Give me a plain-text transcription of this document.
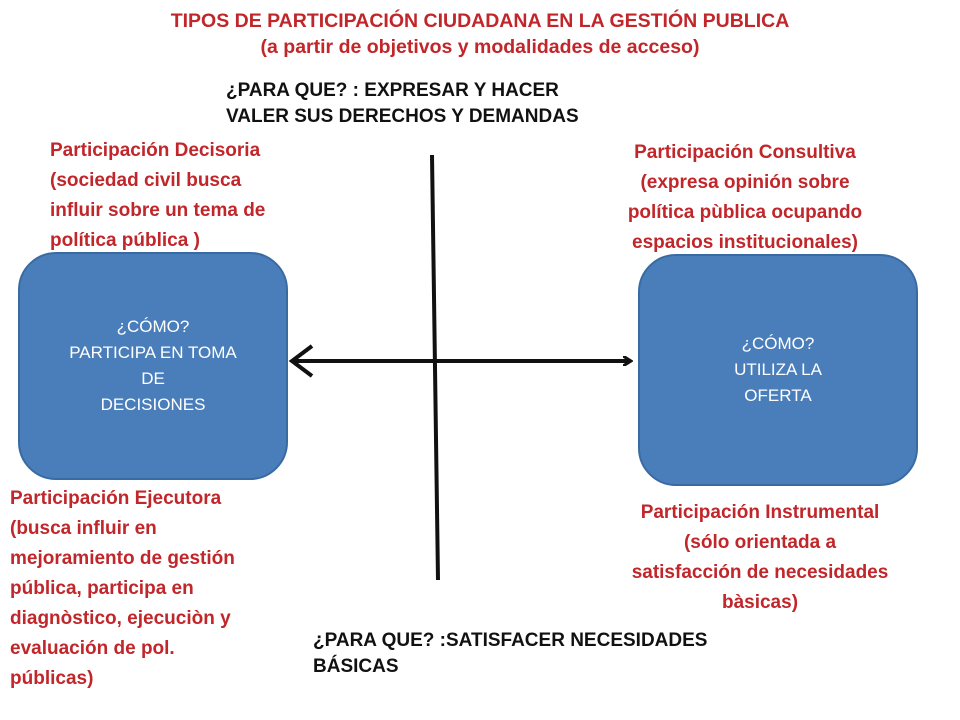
TIPOS DE PARTICIPACIÓN CIUDADANA EN LA GESTIÓN PUBLICA
(a partir de objetivos y modalidades de acceso)
¿PARA QUE? : EXPRESAR Y HACER
VALER SUS DERECHOS Y DEMANDAS
Participación Decisoria
(sociedad civil busca
influir sobre un tema de
política pública )
Participación Consultiva
(expresa opinión sobre
política pùblica ocupando
espacios institucionales)
¿CÓMO?
PARTICIPA EN TOMA
DE
DECISIONES
¿CÓMO?
UTILIZA LA
OFERTA
Participación Ejecutora
(busca influir en
mejoramiento de gestión
pública, participa en
diagnòstico, ejecuciòn y
evaluación de pol.
públicas)
Participación Instrumental
(sólo orientada a
satisfacción de necesidades
bàsicas)
¿PARA QUE? :SATISFACER NECESIDADES
BÁSICAS
